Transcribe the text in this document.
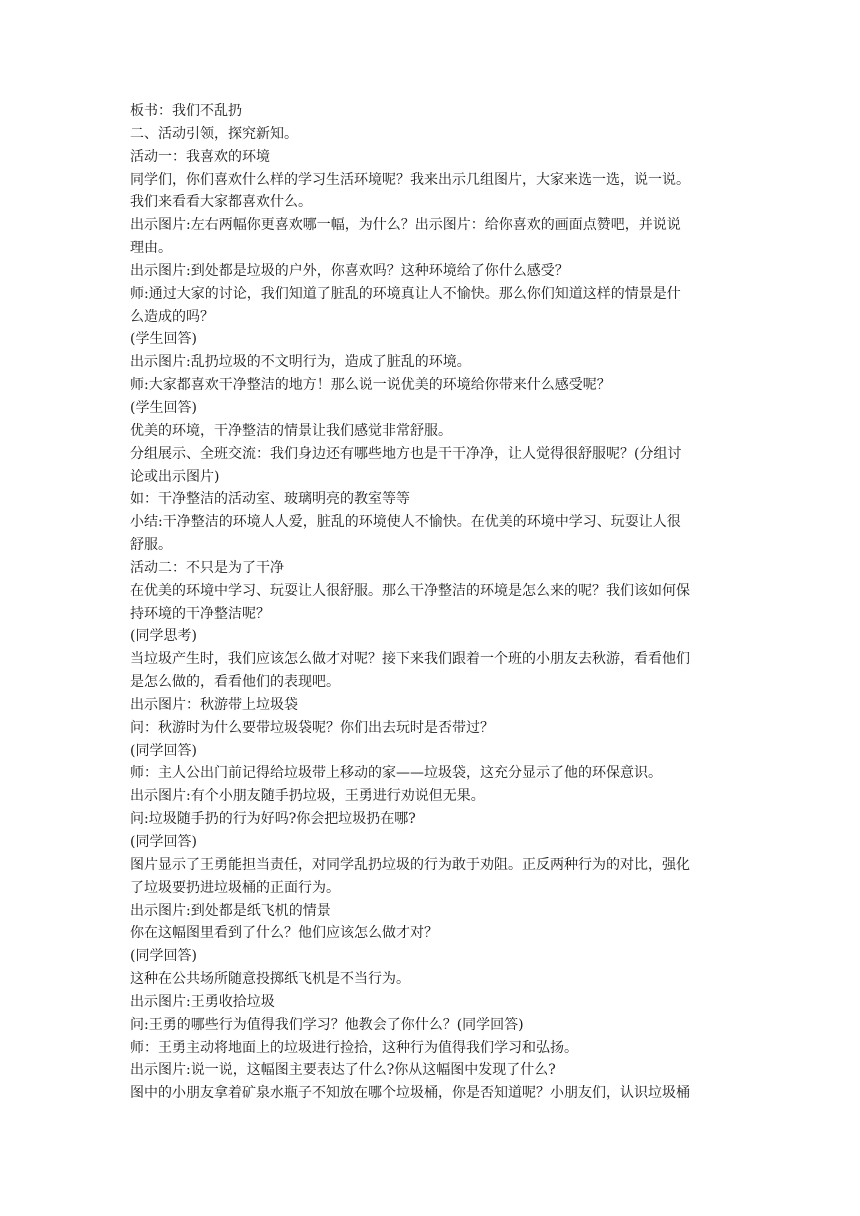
板书：我们不乱扔

二、活动引领，探究新知。

活动一：我喜欢的环境

同学们，你们喜欢什么样的学习生活环境呢？我来出示几组图片，大家来选一选，说一说。

我们来看看大家都喜欢什么。

出示图片:左右两幅你更喜欢哪一幅，为什么？出示图片：给你喜欢的画面点赞吧，并说说

理由。

出示图片:到处都是垃圾的户外，你喜欢吗？这种环境给了你什么感受？

师:通过大家的讨论，我们知道了脏乱的环境真让人不愉快。那么你们知道这样的情景是什

么造成的吗？

(学生回答)

出示图片:乱扔垃圾的不文明行为，造成了脏乱的环境。

师:大家都喜欢干净整洁的地方！那么说一说优美的环境给你带来什么感受呢？

(学生回答)

优美的环境，干净整洁的情景让我们感觉非常舒服。

分组展示、全班交流：我们身边还有哪些地方也是干干净净，让人觉得很舒服呢？(分组讨

论或出示图片)

如：干净整洁的活动室、玻璃明亮的教室等等

小结:干净整洁的环境人人爱，脏乱的环境使人不愉快。在优美的环境中学习、玩耍让人很

舒服。

活动二：不只是为了干净

在优美的环境中学习、玩耍让人很舒服。那么干净整洁的环境是怎么来的呢？我们该如何保

持环境的干净整洁呢？

(同学思考)

当垃圾产生时，我们应该怎么做才对呢？接下来我们跟着一个班的小朋友去秋游，看看他们

是怎么做的，看看他们的表现吧。

出示图片：秋游带上垃圾袋

问：秋游时为什么要带垃圾袋呢？你们出去玩时是否带过？

(同学回答)

师：主人公出门前记得给垃圾带上移动的家——垃圾袋，这充分显示了他的环保意识。

出示图片:有个小朋友随手扔垃圾，王勇进行劝说但无果。

问:垃圾随手扔的行为好吗?你会把垃圾扔在哪?

(同学回答)

图片显示了王勇能担当责任，对同学乱扔垃圾的行为敢于劝阻。正反两种行为的对比，强化

了垃圾要扔进垃圾桶的正面行为。

出示图片:到处都是纸飞机的情景

你在这幅图里看到了什么？他们应该怎么做才对？

(同学回答)

这种在公共场所随意投掷纸飞机是不当行为。

出示图片:王勇收拾垃圾

问:王勇的哪些行为值得我们学习？他教会了你什么？(同学回答)

师：王勇主动将地面上的垃圾进行捡拾，这种行为值得我们学习和弘扬。

出示图片:说一说，这幅图主要表达了什么?你从这幅图中发现了什么?

图中的小朋友拿着矿泉水瓶子不知放在哪个垃圾桶，你是否知道呢？小朋友们，认识垃圾桶
